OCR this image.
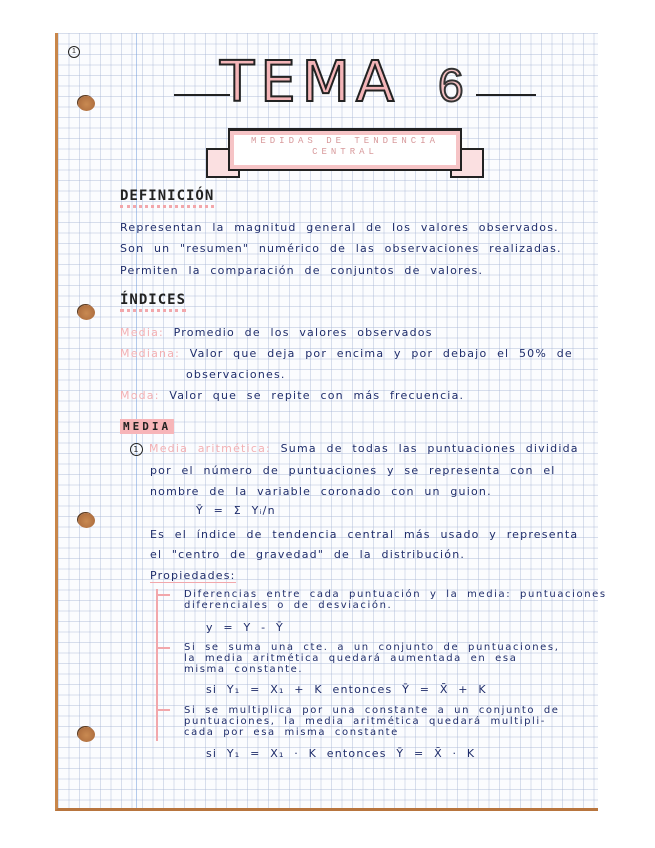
1	TEMA 6
MEDIDAS DE TENDENCIA
CENTRAL
DEFINICIÓN
Representan la magnitud general de los valores observados.
Son un "resumen" numérico de las observaciones realizadas.
Permiten la comparación de conjuntos de valores.
ÍNDICES
Media: Promedio de los valores observados
Mediana: Valor que deja por encima y por debajo el 50% de
observaciones.
Moda: Valor que se repite con más frecuencia.
MEDIA
1 Media aritmética: Suma de todas las puntuaciones dividida
por el número de puntuaciones y se representa con el
nombre de la variable coronado con un guion.
Ȳ = Σ Yᵢ/n
Es el índice de tendencia central más usado y representa
el "centro de gravedad" de la distribución.
Propiedades:
Diferencias entre cada puntuación y la media: puntuaciones
diferenciales o de desviación.
y = Y - Ȳ
Si se suma una cte. a un conjunto de puntuaciones,
la media aritmética quedará aumentada en esa
misma constante.
si Y₁ = X₁ + K entonces Ȳ = X̄ + K
Si se multiplica por una constante a un conjunto de
puntuaciones, la media aritmética quedará multipli-
cada por esa misma constante
si Y₁ = X₁ · K entonces Ȳ = X̄ · K
